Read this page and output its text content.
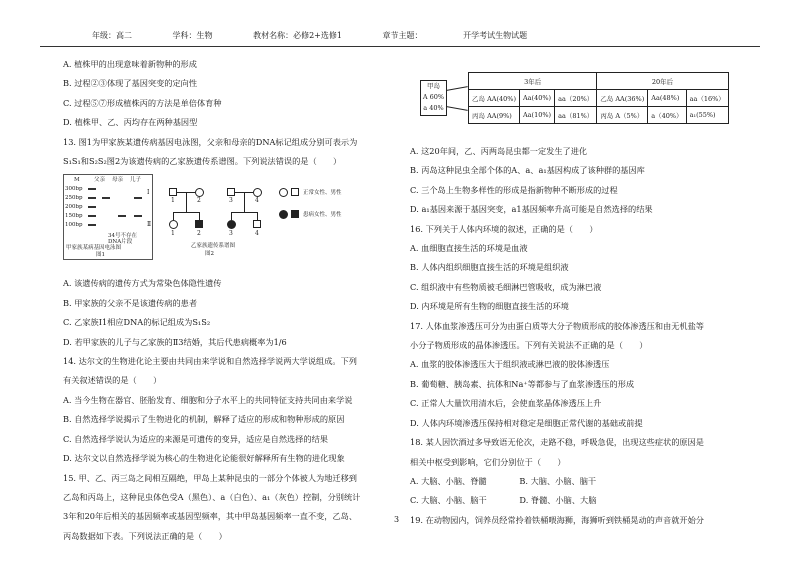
年级：高二	学科：生物	教材名称：必修2+选修1	章节主题：	开学考试生物试题

A. 植株甲的出现意味着新物种的形成

B. 过程②③体现了基因突变的定向性

C. 过程⑤⑦形成植株丙的方法是单倍体育种

D. 植株甲、乙、丙均存在两种基因型

13. 图1为甲家族某遗传病基因电泳图，父亲和母亲的DNA标记组成分别可表示为

S₁S₁和S₂S₂图2为该遗传病的乙家族遗传系谱图。下列说法错误的是（　　）

M	父亲 母亲 儿子
300bp
250bp
200bp
150bp
100bp
34号不存在DNA片段
甲家族某病基因电泳图
图1
Ⅰ
Ⅱ
1	2	3	4
1	2	3	4
正常女性、男性
患病女性、男性
乙家族遗传系谱图
图2

A. 该遗传病的遗传方式为常染色体隐性遗传

B. 甲家族的父亲不是该遗传病的患者

C. 乙家族Ⅰ1相应DNA的标记组成为S₁S₂

D. 若甲家族的儿子与乙家族的Ⅱ3结婚，其后代患病概率为1/6

14. 达尔文的生物进化论主要由共同由来学说和自然选择学说两大学说组成。下列

有关叙述错误的是（　　）

A. 当今生物在器官、胚胎发育、细胞和分子水平上的共同特征支持共同由来学说

B. 自然选择学说揭示了生物进化的机制，解释了适应的形成和物种形成的原因

C. 自然选择学说认为适应的来源是可遗传的变异，适应是自然选择的结果

D. 达尔文以自然选择学说为核心的生物进化论能很好解释所有生物的进化现象

15. 甲、乙、丙三岛之间相互隔绝，甲岛上某种昆虫的一部分个体被人为地迁移到

乙岛和丙岛上，这种昆虫体色受A（黑色）、a（白色）、a₁（灰色）控制，分别统计

3年和20年后相关的基因频率或基因型频率，其中甲岛基因频率一直不变，乙岛、

丙岛数据如下表。下列说法正确的是（　　）

甲岛
A 60%
a 40%
3年后			20年后		
乙岛 AA(40%)	Aa(40%)	aa（20%）	乙岛 AA(36%)	Aa(48%)	aa（16%）
丙岛 AA(9%)	Aa(10%)	aa（81%）	丙岛 A（5%）	a（40%）	a₁(55%)

A. 这20年间，乙、丙两岛昆虫都一定发生了进化

B. 丙岛这种昆虫全部个体的A、a、a₁基因构成了该种群的基因库

C. 三个岛上生物多样性的形成是指新物种不断形成的过程

D. a₁基因来源于基因突变，a1基因频率升高可能是自然选择的结果

16. 下列关于人体内环境的叙述，正确的是（　　）

A. 血细胞直接生活的环境是血液

B. 人体内组织细胞直接生活的环境是组织液

C. 组织液中有些物质被毛细淋巴管吸收，成为淋巴液

D. 内环境是所有生物的细胞直接生活的环境

17. 人体血浆渗透压可分为由蛋白质等大分子物质形成的胶体渗透压和由无机盐等

小分子物质形成的晶体渗透压。下列有关说法不正确的是（　　）

A. 血浆的胶体渗透压大于组织液或淋巴液的胶体渗透压

B. 葡萄糖、胰岛素、抗体和Na⁺等都参与了血浆渗透压的形成

C. 正常人大量饮用清水后，会使血浆晶体渗透压上升

D. 人体内环境渗透压保持相对稳定是细胞正常代谢的基础或前提

18. 某人因饮酒过多导致语无伦次，走路不稳，呼吸急促，出现这些症状的原因是

相关中枢受到影响，它们分别位于（　　）

A. 大脑、小脑、脊髓　　　　B. 大脑、小脑、脑干

C. 大脑、小脑、脑干　　　　D. 脊髓、小脑、大脑

19. 在动物园内，饲养员经常拎着铁桶喂海狮，海狮听到铁桶晃动的声音就开始分

3
